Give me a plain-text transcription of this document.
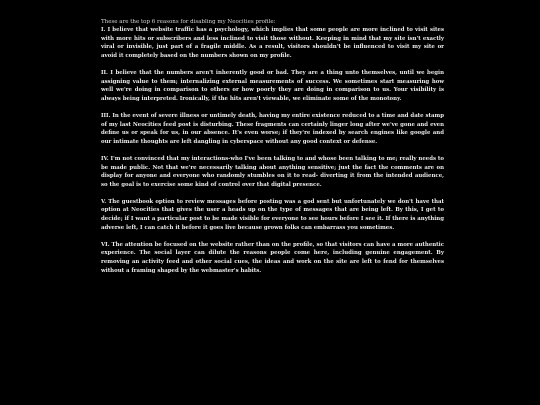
These are the top 6 reasons for disabling my Neocities profile:

I. I believe that website traffic has a psychology, which implies that some people are more inclined to visit sites with more hits or subscribers and less inclined to visit those without. Keeping in mind that my site isn't exactly viral or invisible, just part of a fragile middle. As a result, visitors shouldn't be influenced to visit my site or avoid it completely based on the numbers shown on my profile.

II. I believe that the numbers aren't inherently good or bad. They are a thing unto themselves, until we begin assigning value to them; internalizing external measurements of success. We sometimes start measuring how well we're doing in comparison to others or how poorly they are doing in comparison to us. Your visibility is always being interpreted. Ironically, if the hits aren't viewable, we eliminate some of the monotony.

III. In the event of severe illness or untimely death, having my entire existence reduced to a time and date stamp of my last Neocities feed post is disturbing. These fragments can certainly linger long after we've gone and even define us or speak for us, in our absence. It's even worse; if they're indexed by search engines like google and our intimate thoughts are left dangling in cyberspace without any good context or defense.

IV. I'm not convinced that my interactions-who I've been talking to and whose been talking to me; really needs to be made public. Not that we're necessarily talking about anything sensitive; just the fact the comments are on display for anyone and everyone who randomly stumbles on it to read- diverting it from the intended audience, so the goal is to exercise some kind of control over that digital presence.

V. The guestbook option to review messages before posting was a god sent but unfortunately we don't have that option at Neocities that gives the user a heads up on the type of messages that are being left. By this, I get to decide; if I want a particular post to be made visible for everyone to see hours before I see it. If there is anything adverse left, I can catch it before it goes live because grown folks can embarrass you sometimes.

VI. The attention be focused on the website rather than on the profile, so that visitors can have a more authentic experience. The social layer can dilute the reasons people come here, including genuine engagement. By removing an activity feed and other social cues, the ideas and work on the site are left to fend for themselves without a framing shaped by the webmaster's habits.
